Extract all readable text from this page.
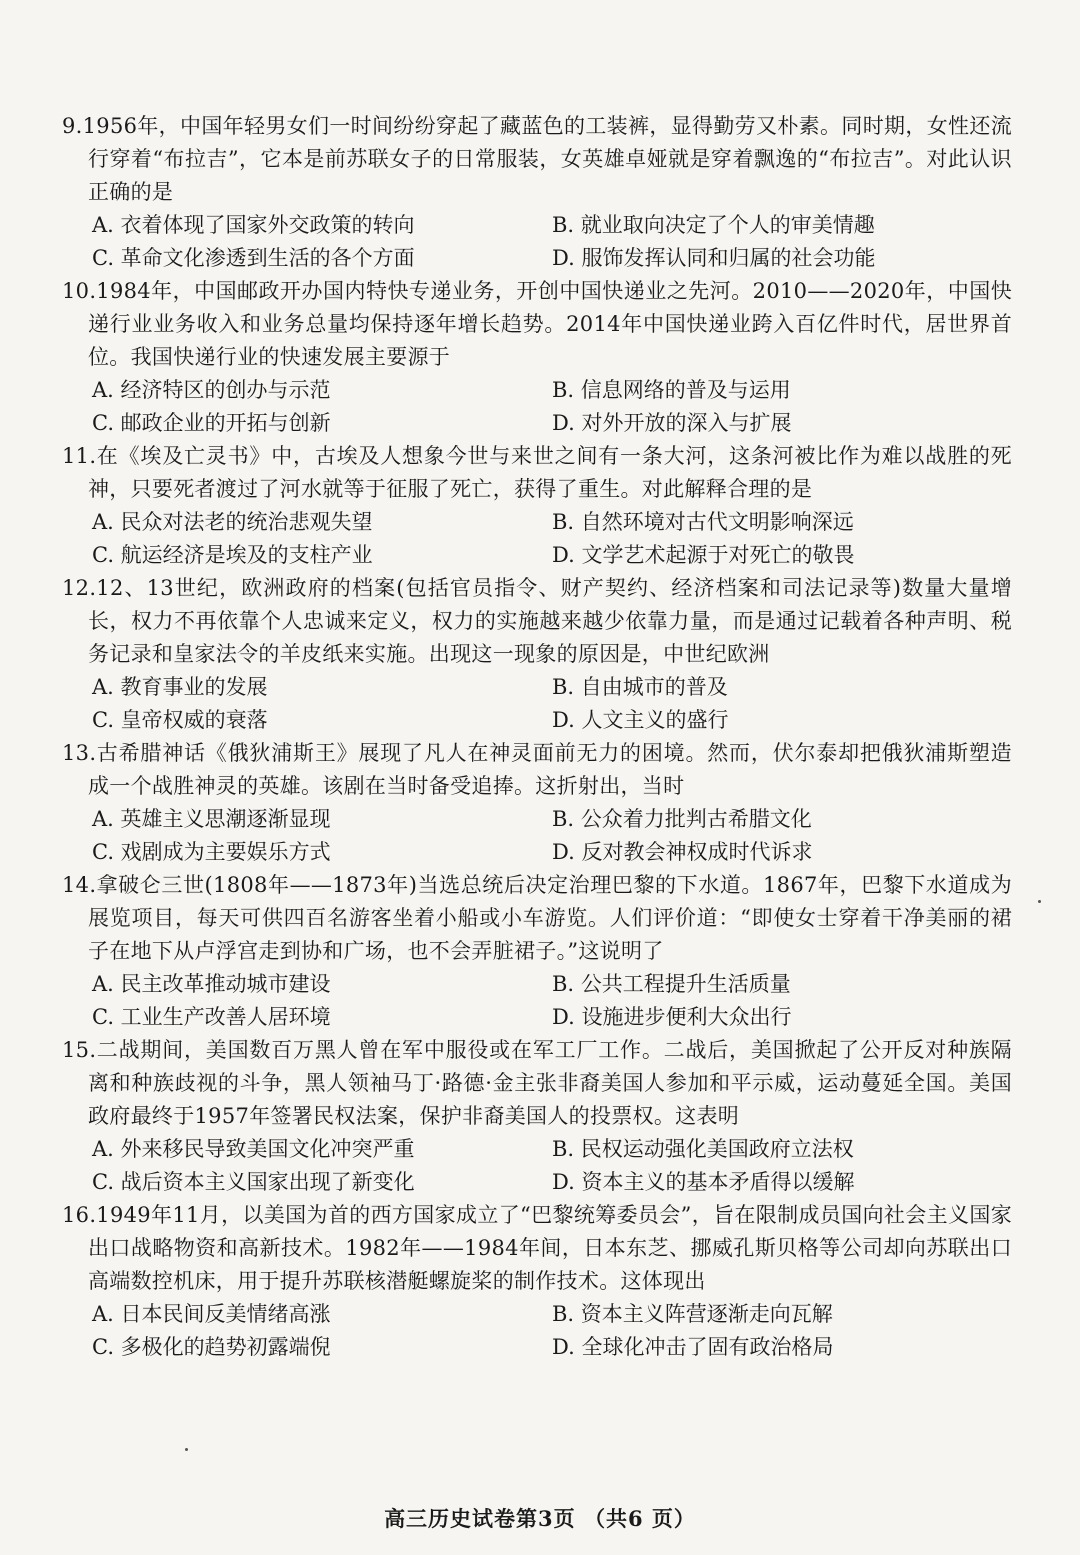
9.1956年，中国年轻男女们一时间纷纷穿起了藏蓝色的工装裤，显得勤劳又朴素。同时期，女性还流行穿着“布拉吉”，它本是前苏联女子的日常服装，女英雄卓娅就是穿着飘逸的“布拉吉”。对此认识正确的是
A. 衣着体现了国家外交政策的转向	B. 就业取向决定了个人的审美情趣
C. 革命文化渗透到生活的各个方面	D. 服饰发挥认同和归属的社会功能
10.1984年，中国邮政开办国内特快专递业务，开创中国快递业之先河。2010——2020年，中国快递行业业务收入和业务总量均保持逐年增长趋势。2014年中国快递业跨入百亿件时代，居世界首位。我国快递行业的快速发展主要源于
A. 经济特区的创办与示范	B. 信息网络的普及与运用
C. 邮政企业的开拓与创新	D. 对外开放的深入与扩展
11.在《埃及亡灵书》中，古埃及人想象今世与来世之间有一条大河，这条河被比作为难以战胜的死神，只要死者渡过了河水就等于征服了死亡，获得了重生。对此解释合理的是
A. 民众对法老的统治悲观失望	B. 自然环境对古代文明影响深远
C. 航运经济是埃及的支柱产业	D. 文学艺术起源于对死亡的敬畏
12.12、13世纪，欧洲政府的档案(包括官员指令、财产契约、经济档案和司法记录等)数量大量增长，权力不再依靠个人忠诚来定义，权力的实施越来越少依靠力量，而是通过记载着各种声明、税务记录和皇家法令的羊皮纸来实施。出现这一现象的原因是，中世纪欧洲
A. 教育事业的发展	B. 自由城市的普及
C. 皇帝权威的衰落	D. 人文主义的盛行
13.古希腊神话《俄狄浦斯王》展现了凡人在神灵面前无力的困境。然而，伏尔泰却把俄狄浦斯塑造成一个战胜神灵的英雄。该剧在当时备受追捧。这折射出，当时
A. 英雄主义思潮逐渐显现	B. 公众着力批判古希腊文化
C. 戏剧成为主要娱乐方式	D. 反对教会神权成时代诉求
14.拿破仑三世(1808年——1873年)当选总统后决定治理巴黎的下水道。1867年，巴黎下水道成为展览项目，每天可供四百名游客坐着小船或小车游览。人们评价道：“即使女士穿着干净美丽的裙子在地下从卢浮宫走到协和广场，也不会弄脏裙子。”这说明了
A. 民主改革推动城市建设	B. 公共工程提升生活质量
C. 工业生产改善人居环境	D. 设施进步便利大众出行
15.二战期间，美国数百万黑人曾在军中服役或在军工厂工作。二战后，美国掀起了公开反对种族隔离和种族歧视的斗争，黑人领袖马丁·路德·金主张非裔美国人参加和平示威，运动蔓延全国。美国政府最终于1957年签署民权法案，保护非裔美国人的投票权。这表明
A. 外来移民导致美国文化冲突严重	B. 民权运动强化美国政府立法权
C. 战后资本主义国家出现了新变化	D. 资本主义的基本矛盾得以缓解
16.1949年11月，以美国为首的西方国家成立了“巴黎统筹委员会”，旨在限制成员国向社会主义国家出口战略物资和高新技术。1982年——1984年间，日本东芝、挪威孔斯贝格等公司却向苏联出口高端数控机床，用于提升苏联核潜艇螺旋桨的制作技术。这体现出
A. 日本民间反美情绪高涨	B. 资本主义阵营逐渐走向瓦解
C. 多极化的趋势初露端倪	D. 全球化冲击了固有政治格局
高三历史试卷第3页 （共6 页）
